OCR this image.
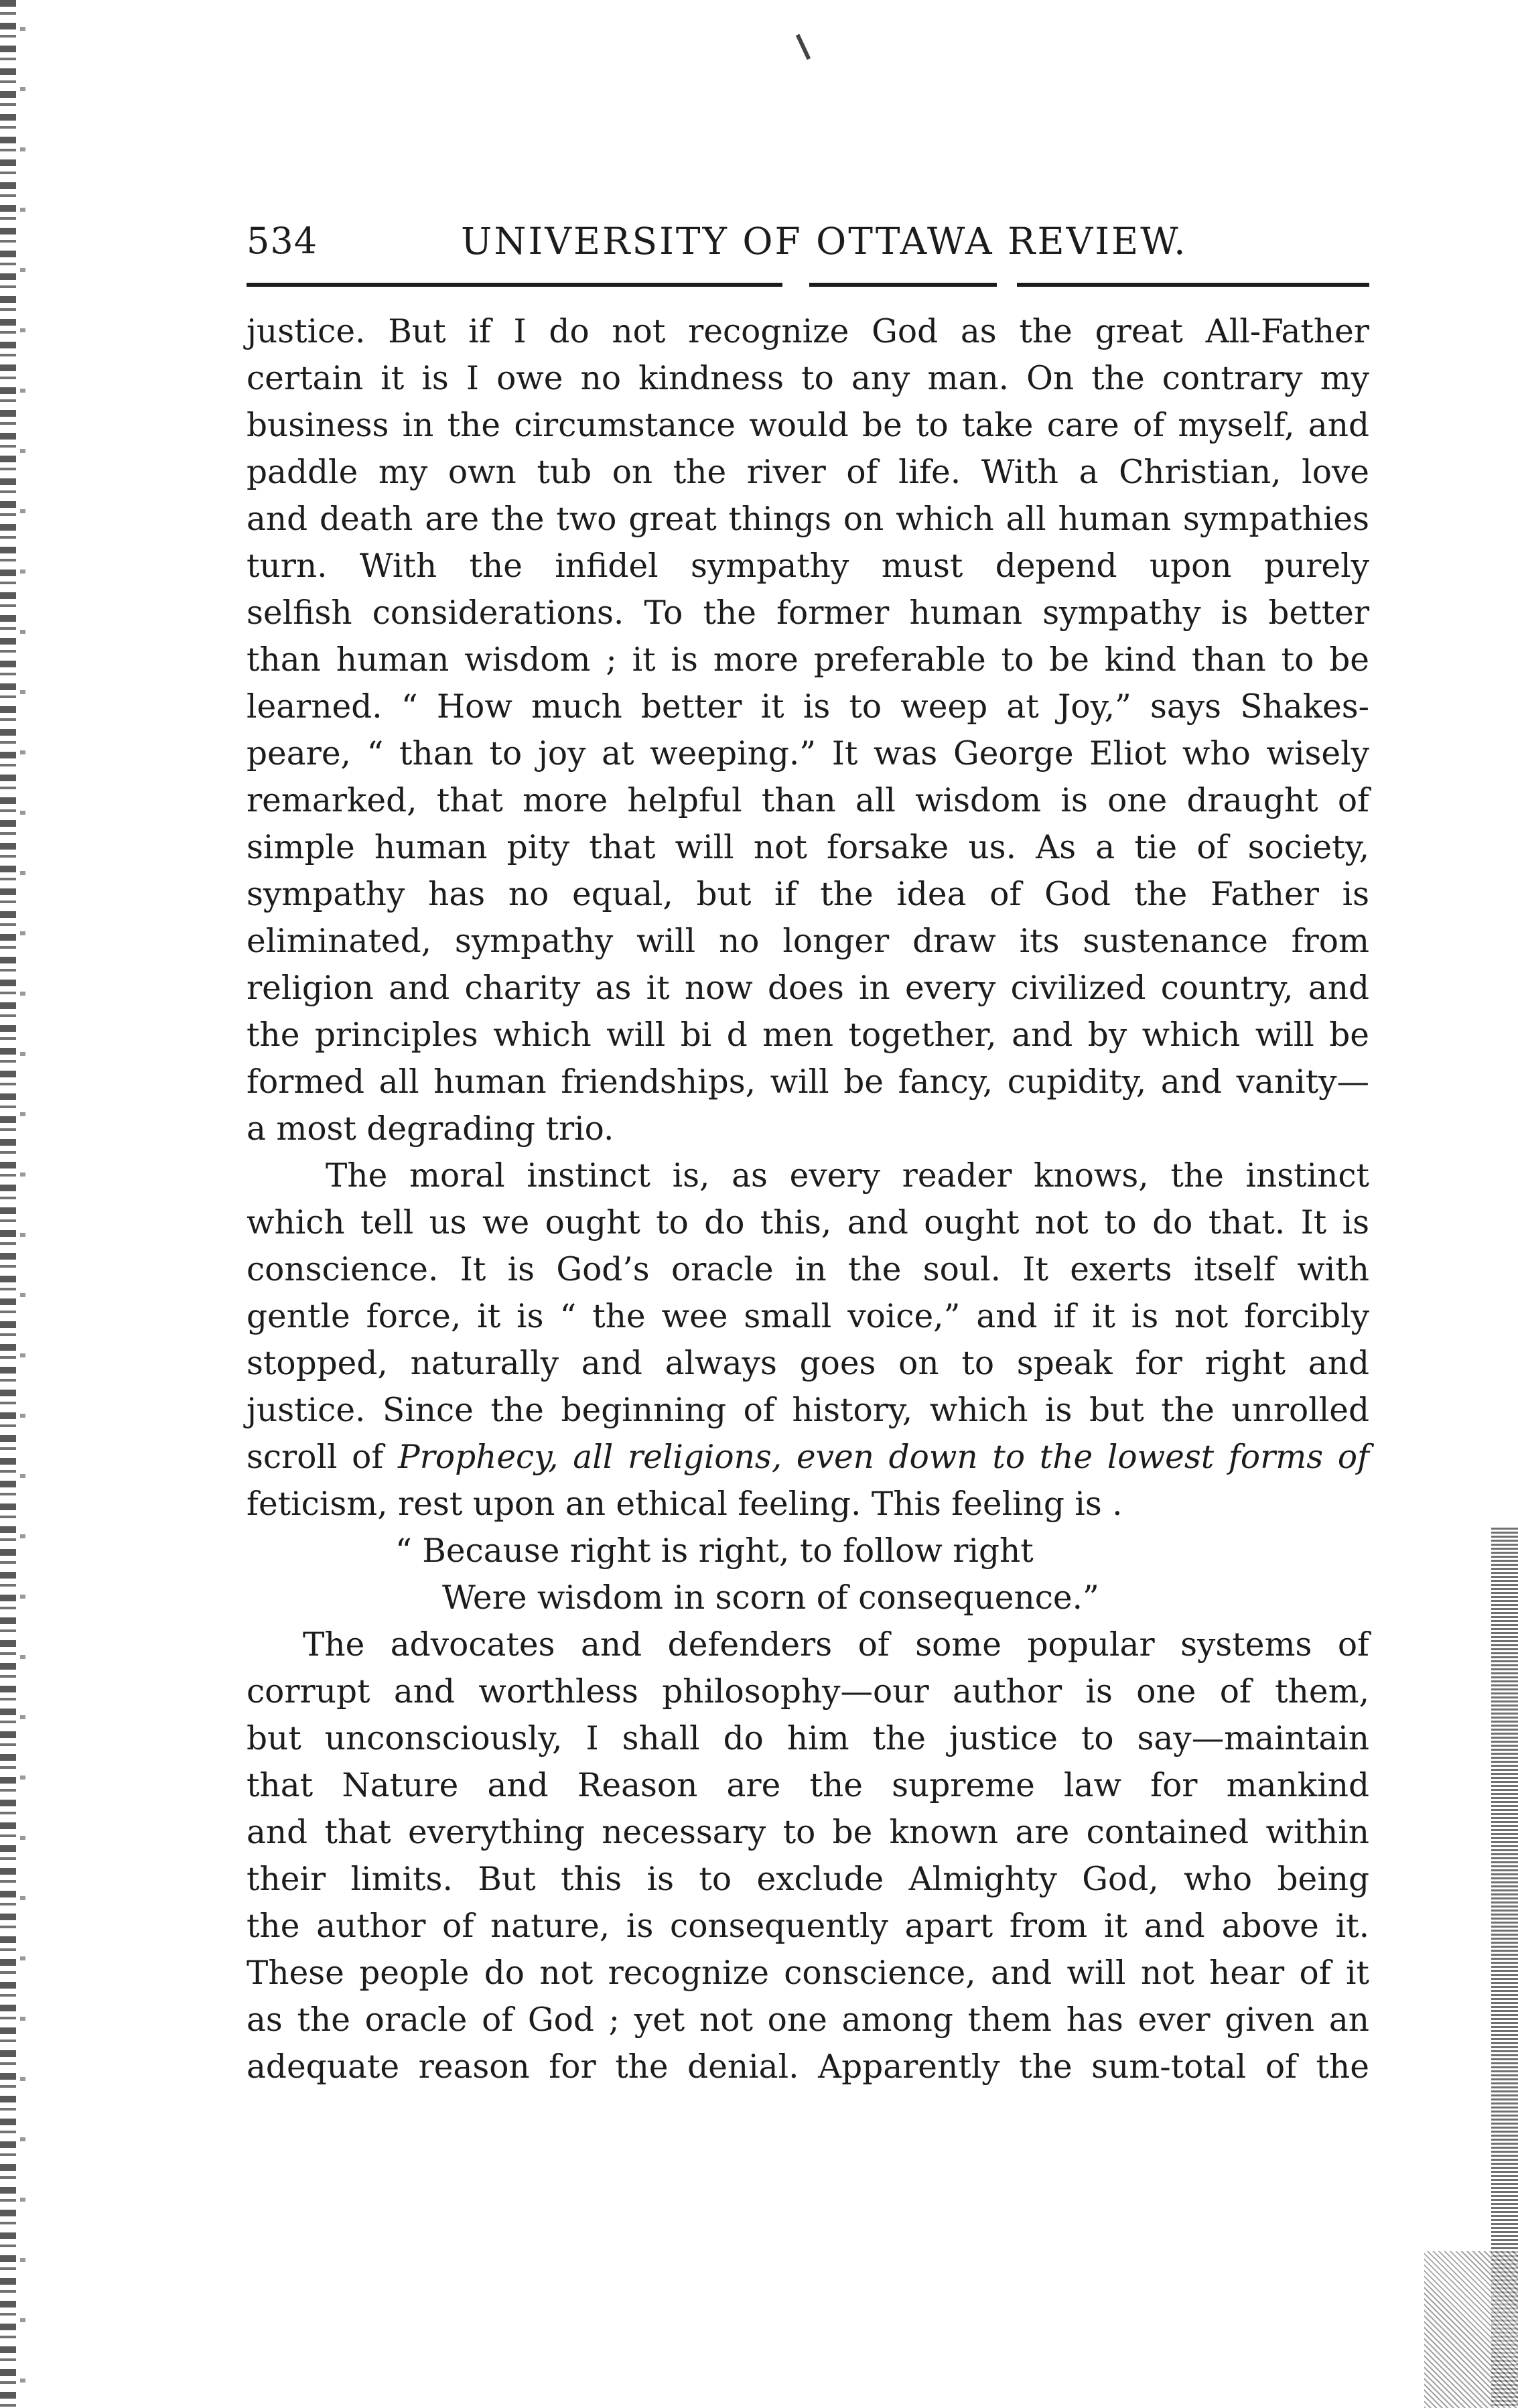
534	UNIVERSITY OF OTTAWA REVIEW.
justice. But if I do not recognize God as the great All-Father
certain it is I owe no kindness to any man. On the contrary my
business in the circumstance would be to take care of myself, and
paddle my own tub on the river of life. With a Christian, love
and death are the two great things on which all human sympathies
turn. With the infidel sympathy must depend upon purely
selfish considerations. To the former human sympathy is better
than human wisdom ; it is more preferable to be kind than to be
learned. “ How much better it is to weep at Joy,” says Shakes-
peare, “ than to joy at weeping.” It was George Eliot who wisely
remarked, that more helpful than all wisdom is one draught of
simple human pity that will not forsake us. As a tie of society,
sympathy has no equal, but if the idea of God the Father is
eliminated, sympathy will no longer draw its sustenance from
religion and charity as it now does in every civilized country, and
the principles which will bi d men together, and by which will be
formed all human friendships, will be fancy, cupidity, and vanity—
a most degrading trio.
The moral instinct is, as every reader knows, the instinct
which tell us we ought to do this, and ought not to do that. It is
conscience. It is God’s oracle in the soul. It exerts itself with
gentle force, it is “ the wee small voice,” and if it is not forcibly
stopped, naturally and always goes on to speak for right and
justice. Since the beginning of history, which is but the unrolled
scroll of Prophecy, all religions, even down to the lowest forms of
feticism, rest upon an ethical feeling. This feeling is .
“ Because right is right, to follow right
Were wisdom in scorn of consequence.”
The advocates and defenders of some popular systems of
corrupt and worthless philosophy—our author is one of them,
but unconsciously, I shall do him the justice to say—maintain
that Nature and Reason are the supreme law for mankind
and that everything necessary to be known are contained within
their limits. But this is to exclude Almighty God, who being
the author of nature, is consequently apart from it and above it.
These people do not recognize conscience, and will not hear of it
as the oracle of God ; yet not one among them has ever given an
adequate reason for the denial. Apparently the sum-total of the
